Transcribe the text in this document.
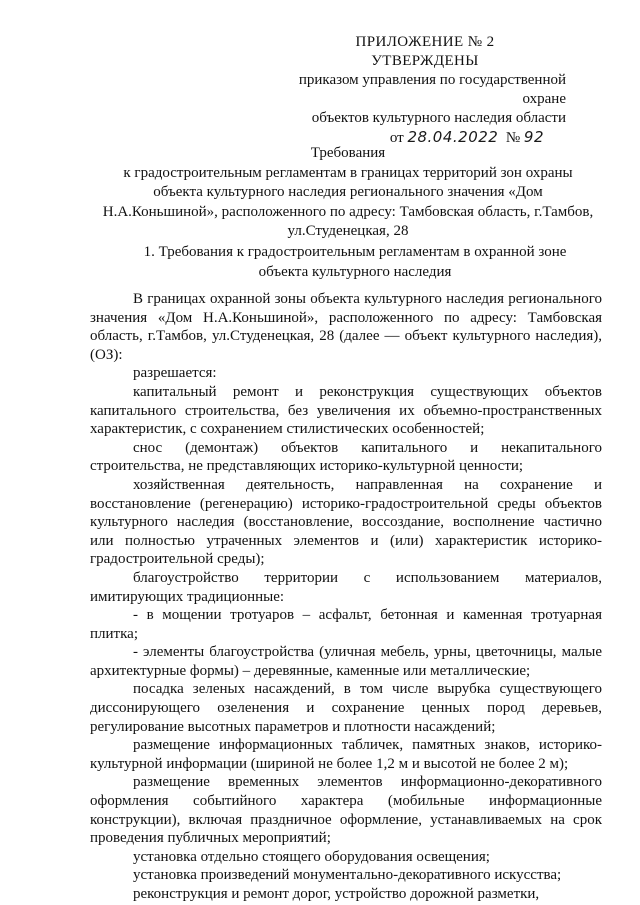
ПРИЛОЖЕНИЕ № 2
УТВЕРЖДЕНЫ
приказом управления по государственной охране
объектов культурного наследия области
от 28.04.2022 № 92
Требования
к градостроительным регламентам в границах территорий зон охраны
объекта культурного наследия регионального значения «Дом
Н.А.Коньшиной», расположенного по адресу: Тамбовская область, г.Тамбов,
ул.Студенецкая, 28
1. Требования к градостроительным регламентам в охранной зоне
объекта культурного наследия

В границах охранной зоны объекта культурного наследия регионального значения «Дом Н.А.Коньшиной», расположенного по адресу: Тамбовская область, г.Тамбов, ул.Студенецкая, 28 (далее — объект культурного наследия), (ОЗ):

разрешается:

капитальный ремонт и реконструкция существующих объектов капитального строительства, без увеличения их объемно-пространственных характеристик, с сохранением стилистических особенностей;

снос (демонтаж) объектов капитального и некапитального строительства, не представляющих историко-культурной ценности;

хозяйственная деятельность, направленная на сохранение и восстановление (регенерацию) историко-градостроительной среды объектов культурного наследия (восстановление, воссоздание, восполнение частично или полностью утраченных элементов и (или) характеристик историко-градостроительной среды);

благоустройство территории с использованием материалов, имитирующих традиционные:

- в мощении тротуаров – асфальт, бетонная и каменная тротуарная плитка;

- элементы благоустройства (уличная мебель, урны, цветочницы, малые архитектурные формы) – деревянные, каменные или металлические;

посадка зеленых насаждений, в том числе вырубка существующего диссонирующего озеленения и сохранение ценных пород деревьев, регулирование высотных параметров и плотности насаждений;

размещение информационных табличек, памятных знаков, историко-культурной информации (шириной не более 1,2 м и высотой не более 2 м);

размещение временных элементов информационно-декоративного оформления событийного характера (мобильные информационные конструкции), включая праздничное оформление, устанавливаемых на срок проведения публичных мероприятий;

установка отдельно стоящего оборудования освещения;

установка произведений монументально-декоративного искусства;

реконструкция и ремонт дорог, устройство дорожной разметки,
